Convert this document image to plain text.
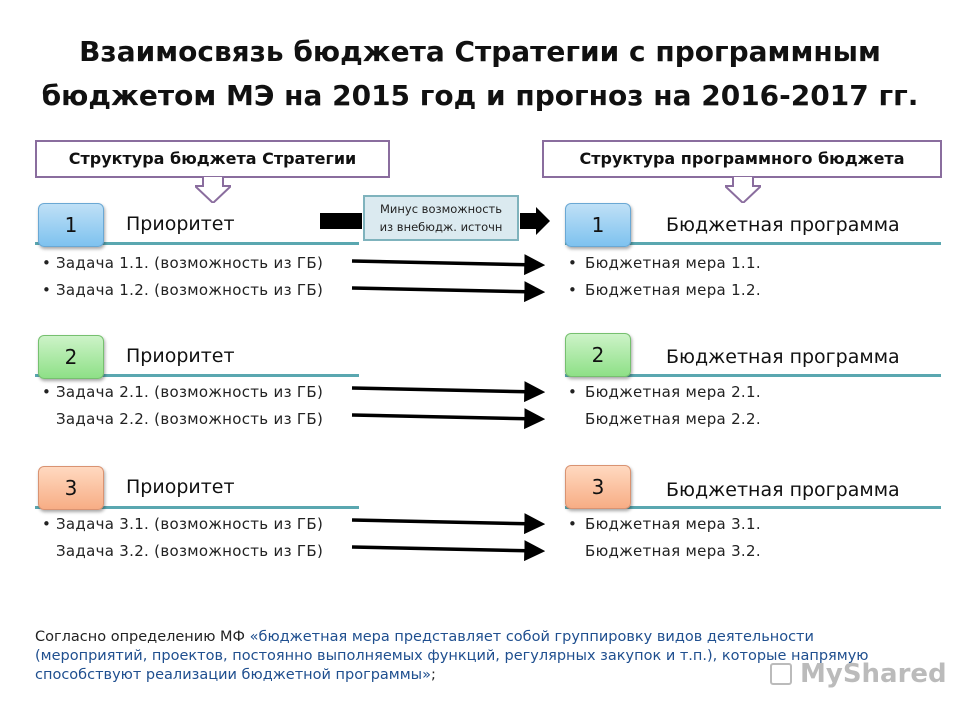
Взаимосвязь бюджета Стратегии с программным
бюджетом МЭ на 2015 год и прогноз на 2016-2017 гг.
Структура бюджета Стратегии	Структура программного бюджета
Минус возможность
из внебюдж. источн
1	Приоритет
• Задача 1.1. (возможность из ГБ)
• Задача 1.2. (возможность из ГБ)
2	Приоритет
• Задача 2.1. (возможность из ГБ)
Задача 2.2. (возможность из ГБ)
3	Приоритет
• Задача 3.1. (возможность из ГБ)
Задача 3.2. (возможность из ГБ)
1	Бюджетная программа
• Бюджетная мера 1.1.
• Бюджетная мера 1.2.
2	Бюджетная программа
• Бюджетная мера 2.1.
Бюджетная мера 2.2.
3	Бюджетная программа
• Бюджетная мера 3.1.
Бюджетная мера 3.2.
Согласно определению МФ «бюджетная мера представляет собой группировку видов деятельности (мероприятий, проектов, постоянно выполняемых функций, регулярных закупок и т.п.), которые напрямую способствуют реализации бюджетной программы»;	MyShared
